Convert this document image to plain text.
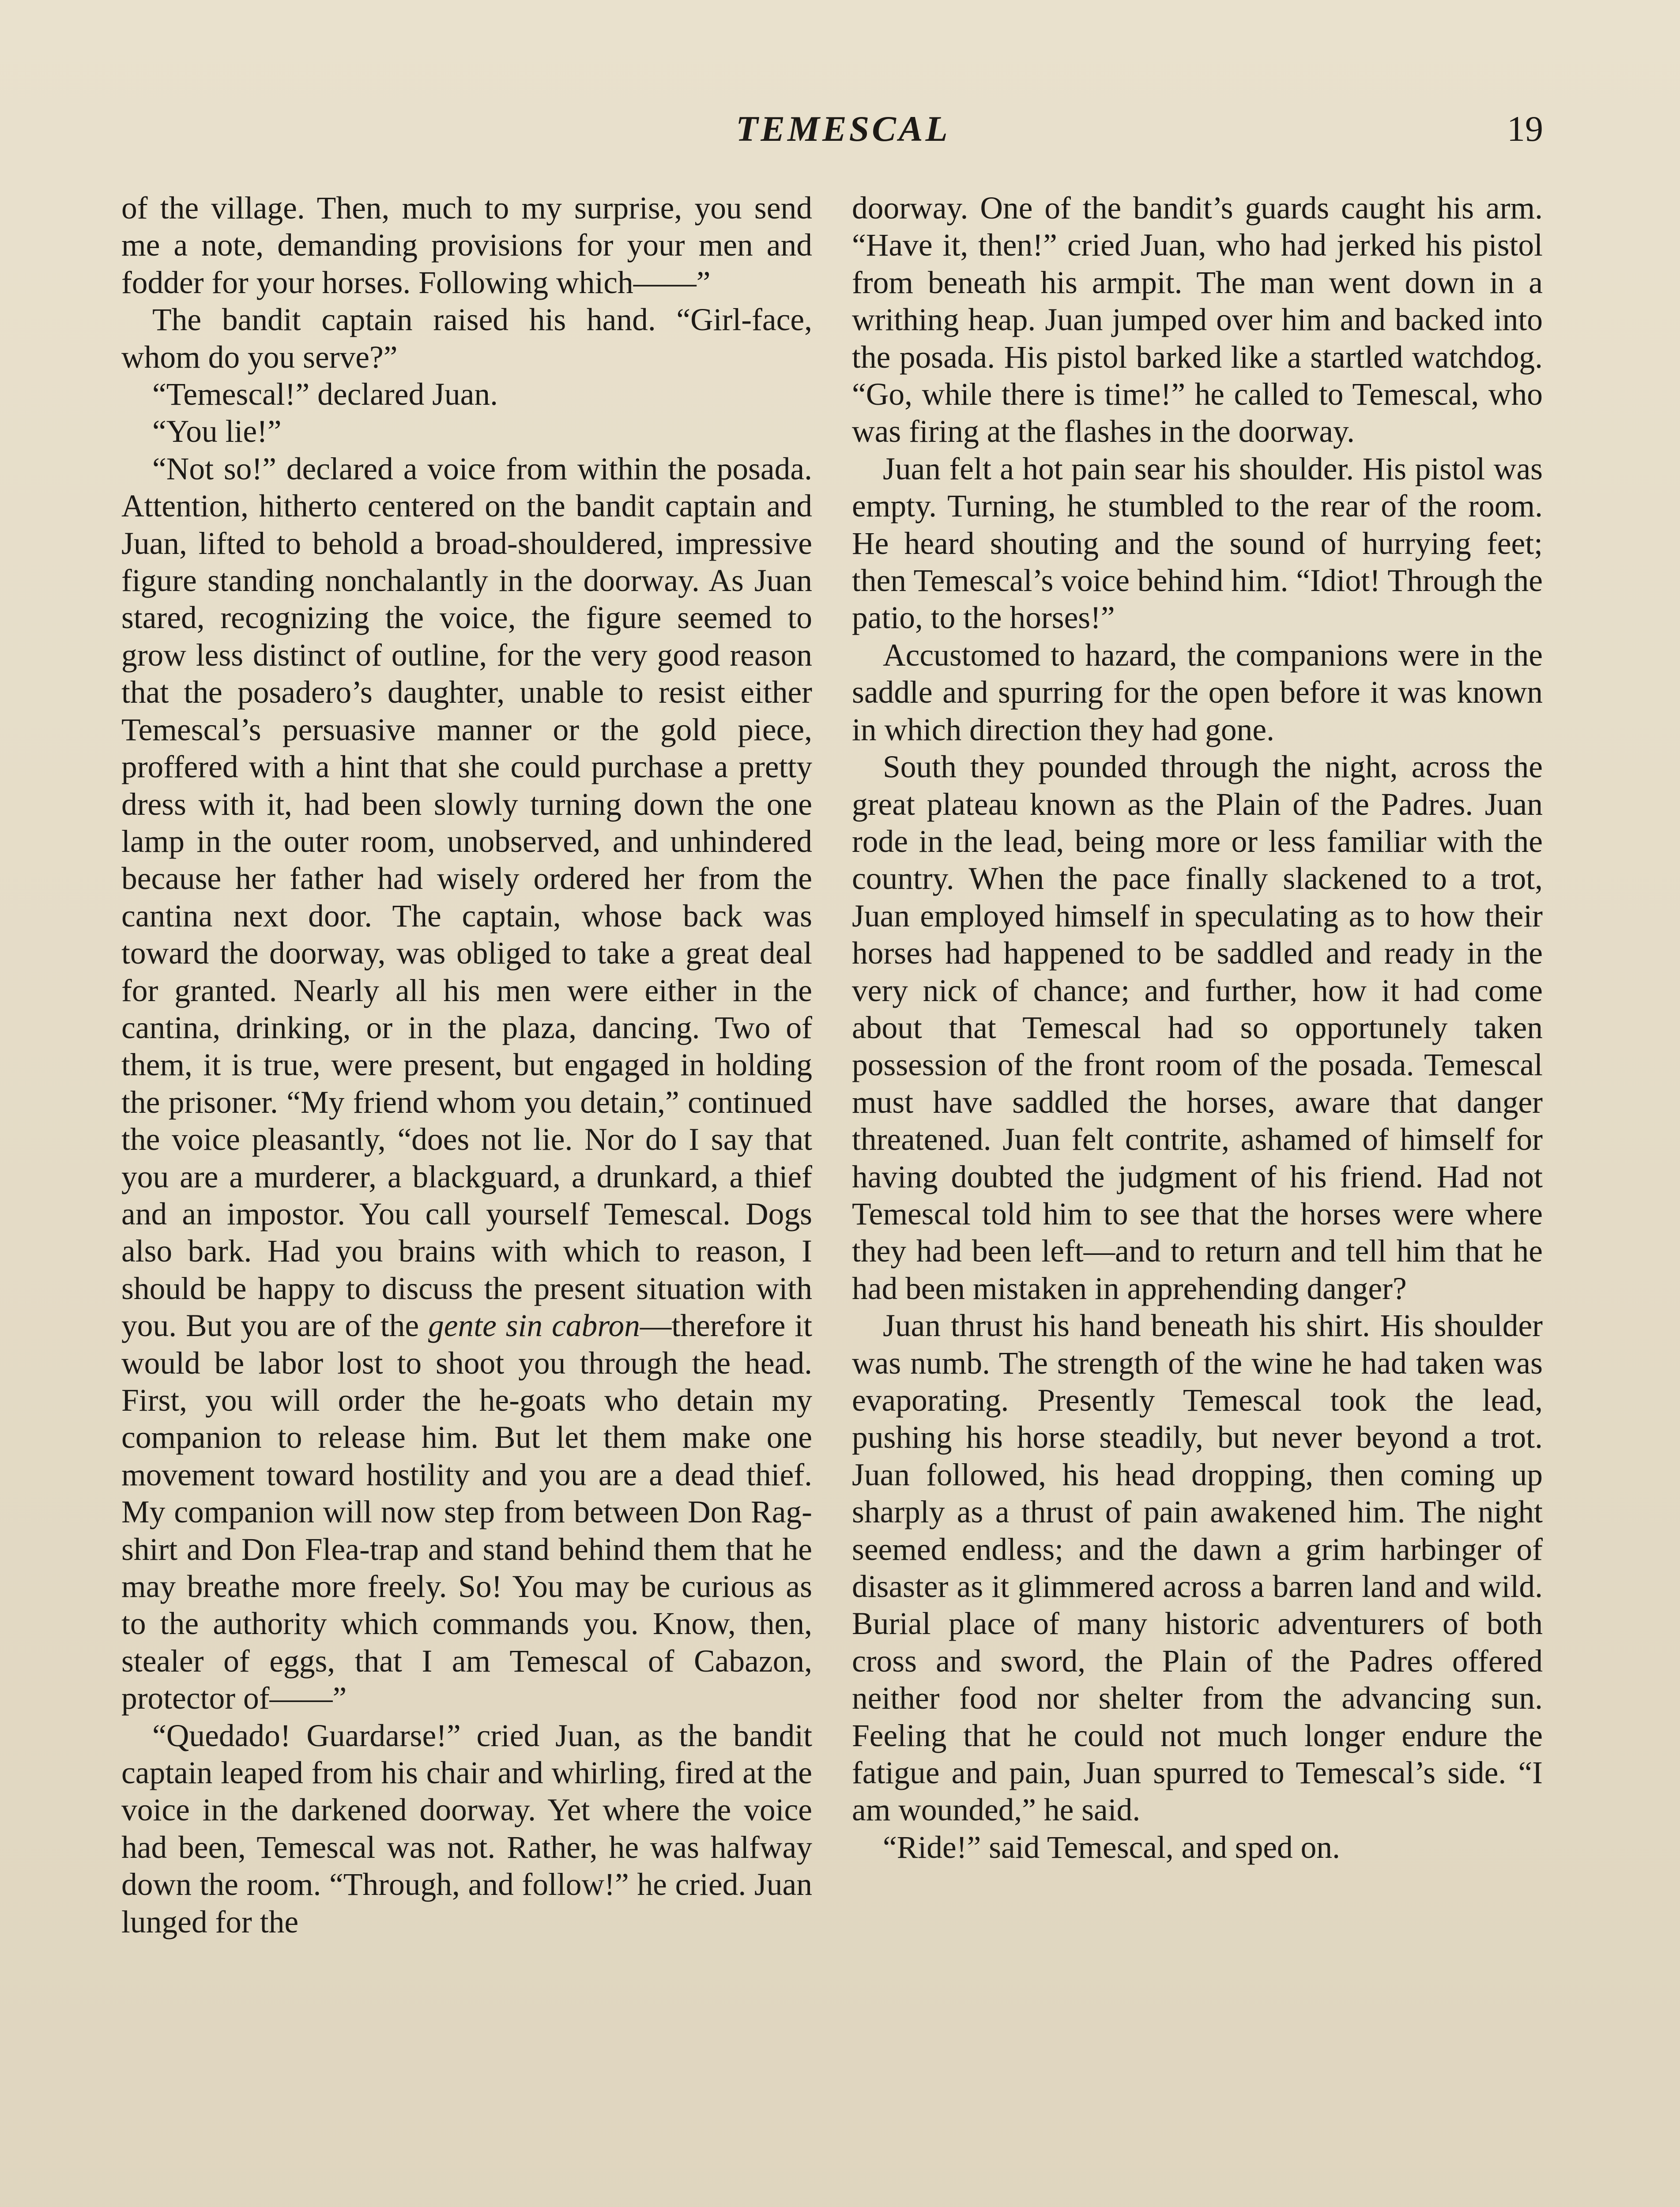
TEMESCAL	19

of the village. Then, much to my surprise, you send me a note, demanding provisions for your men and fodder for your horses. Following which——”

The bandit captain raised his hand. “Girl-face, whom do you serve?”

“Temescal!” declared Juan.

“You lie!”

“Not so!” declared a voice from within the posada. Attention, hitherto centered on the bandit captain and Juan, lifted to behold a broad-shouldered, impressive figure standing nonchalantly in the doorway. As Juan stared, recognizing the voice, the figure seemed to grow less distinct of outline, for the very good reason that the posadero’s daughter, unable to resist either Temescal’s persuasive manner or the gold piece, proffered with a hint that she could purchase a pretty dress with it, had been slowly turning down the one lamp in the outer room, unobserved, and unhindered because her father had wisely ordered her from the cantina next door. The captain, whose back was toward the doorway, was obliged to take a great deal for granted. Nearly all his men were either in the cantina, drinking, or in the plaza, dancing. Two of them, it is true, were present, but engaged in holding the prisoner. “My friend whom you detain,” continued the voice pleasantly, “does not lie. Nor do I say that you are a murderer, a blackguard, a drunkard, a thief and an impostor. You call yourself Temescal. Dogs also bark. Had you brains with which to reason, I should be happy to discuss the present situation with you. But you are of the gente sin cabron—therefore it would be labor lost to shoot you through the head. First, you will order the he-goats who detain my companion to release him. But let them make one movement toward hostility and you are a dead thief. My companion will now step from between Don Rag-shirt and Don Flea-trap and stand behind them that he may breathe more freely. So! You may be curious as to the authority which commands you. Know, then, stealer of eggs, that I am Temescal of Cabazon, protector of——”

“Quedado! Guardarse!” cried Juan, as the bandit captain leaped from his chair and whirling, fired at the voice in the darkened doorway. Yet where the voice had been, Temescal was not. Rather, he was halfway down the room. “Through, and follow!” he cried. Juan lunged for the

doorway. One of the bandit’s guards caught his arm. “Have it, then!” cried Juan, who had jerked his pistol from beneath his armpit. The man went down in a writhing heap. Juan jumped over him and backed into the posada. His pistol barked like a startled watchdog. “Go, while there is time!” he called to Temescal, who was firing at the flashes in the doorway.

Juan felt a hot pain sear his shoulder. His pistol was empty. Turning, he stumbled to the rear of the room. He heard shouting and the sound of hurrying feet; then Temescal’s voice behind him. “Idiot! Through the patio, to the horses!”

Accustomed to hazard, the companions were in the saddle and spurring for the open before it was known in which direction they had gone.

South they pounded through the night, across the great plateau known as the Plain of the Padres. Juan rode in the lead, being more or less familiar with the country. When the pace finally slackened to a trot, Juan employed himself in speculating as to how their horses had happened to be saddled and ready in the very nick of chance; and further, how it had come about that Temescal had so opportunely taken possession of the front room of the posada. Temescal must have saddled the horses, aware that danger threatened. Juan felt contrite, ashamed of himself for having doubted the judgment of his friend. Had not Temescal told him to see that the horses were where they had been left—and to return and tell him that he had been mistaken in apprehending danger?

Juan thrust his hand beneath his shirt. His shoulder was numb. The strength of the wine he had taken was evaporating. Presently Temescal took the lead, pushing his horse steadily, but never beyond a trot. Juan followed, his head dropping, then coming up sharply as a thrust of pain awakened him. The night seemed endless; and the dawn a grim harbinger of disaster as it glimmered across a barren land and wild. Burial place of many historic adventurers of both cross and sword, the Plain of the Padres offered neither food nor shelter from the advancing sun. Feeling that he could not much longer endure the fatigue and pain, Juan spurred to Temescal’s side. “I am wounded,” he said.

“Ride!” said Temescal, and sped on.
